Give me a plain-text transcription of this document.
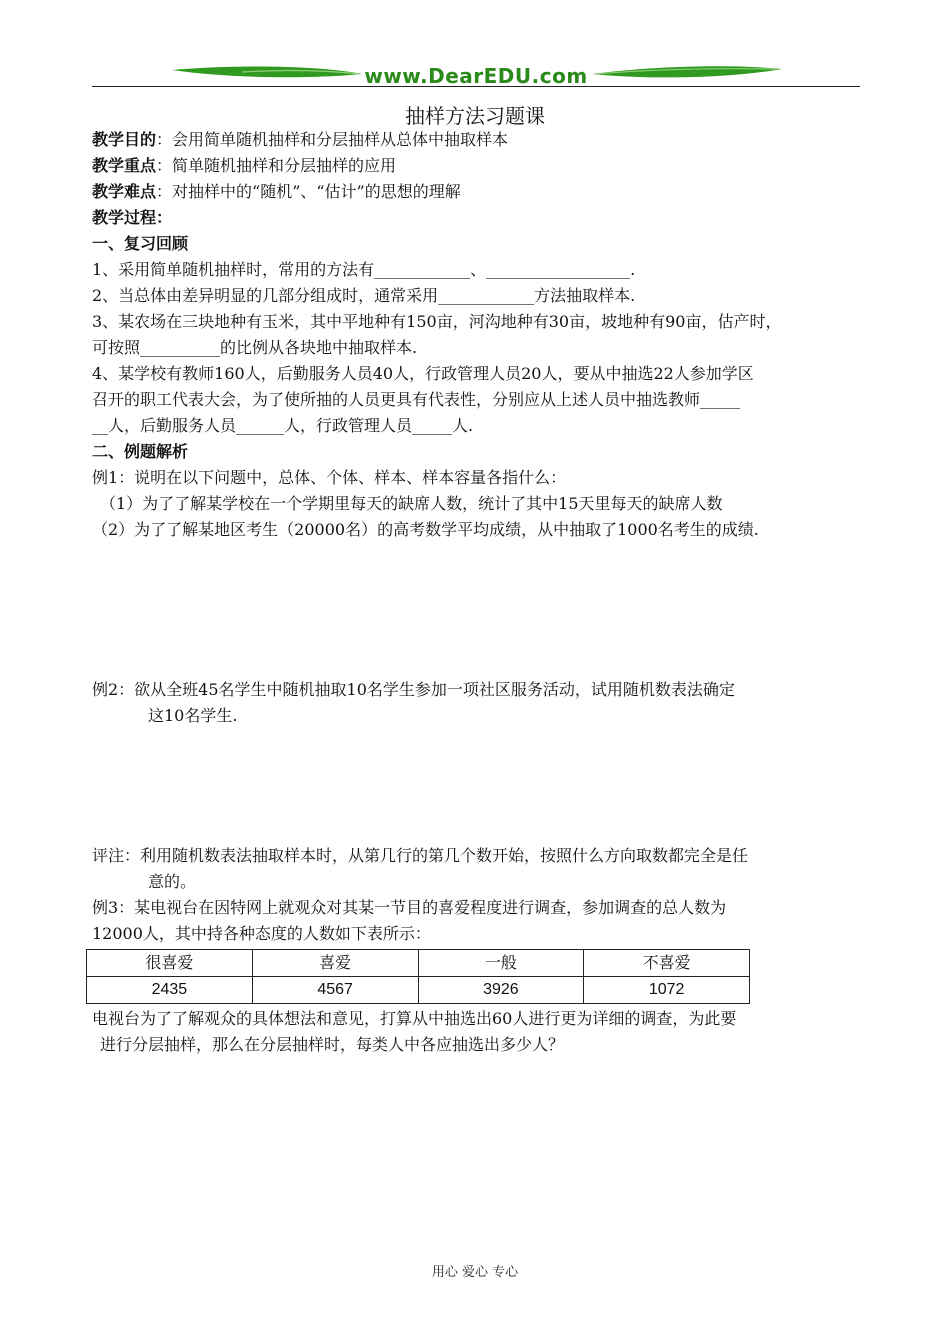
www.DearEDU.com
抽样方法习题课
教学目的：会用简单随机抽样和分层抽样从总体中抽取样本
教学重点：简单随机抽样和分层抽样的应用
教学难点：对抽样中的“随机”、“估计”的思想的理解
教学过程：
一、复习回顾
1、采用简单随机抽样时，常用的方法有____________、__________________.
2、当总体由差异明显的几部分组成时，通常采用____________方法抽取样本.
3、某农场在三块地种有玉米，其中平地种有150亩，河沟地种有30亩，坡地种有90亩，估产时，
可按照__________的比例从各块地中抽取样本.
4、某学校有教师160人，后勤服务人员40人，行政管理人员20人，要从中抽选22人参加学区
召开的职工代表大会，为了使所抽的人员更具有代表性，分别应从上述人员中抽选教师_____
__人，后勤服务人员______人，行政管理人员_____人.
二、例题解析
例1：说明在以下问题中，总体、个体、样本、样本容量各指什么：
（1）为了了解某学校在一个学期里每天的缺席人数，统计了其中15天里每天的缺席人数
（2）为了了解某地区考生（20000名）的高考数学平均成绩，从中抽取了1000名考生的成绩.
例2：欲从全班45名学生中随机抽取10名学生参加一项社区服务活动，试用随机数表法确定
这10名学生.
评注：利用随机数表法抽取样本时，从第几行的第几个数开始，按照什么方向取数都完全是任
意的。
例3：某电视台在因特网上就观众对其某一节目的喜爱程度进行调查，参加调查的总人数为
12000人，其中持各种态度的人数如下表所示：
很喜爱	喜爱	一般	不喜爱
2435	4567	3926	1072
电视台为了了解观众的具体想法和意见，打算从中抽选出60人进行更为详细的调查，为此要
进行分层抽样，那么在分层抽样时，每类人中各应抽选出多少人？
用心 爱心 专心
